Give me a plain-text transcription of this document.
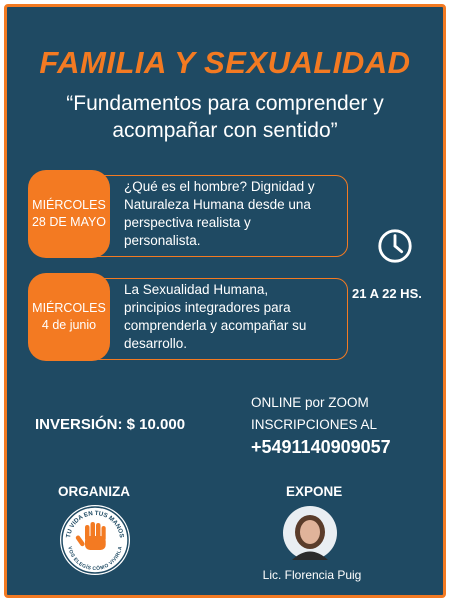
FAMILIA Y SEXUALIDAD
“Fundamentos para comprender y
acompañar con sentido”
MIÉRCOLES
28 DE MAYO
¿Qué es el hombre? Dignidad y
Naturaleza Humana desde una
perspectiva realista y
personalista.
MIÉRCOLES
4 de junio
La Sexualidad Humana,
principios integradores para
comprenderla y acompañar su
desarrollo.
21 A 22 HS.
ONLINE por ZOOM
INSCRIPCIONES AL
+5491140909057
INVERSIÓN: $ 10.000
ORGANIZA
TU VIDA EN TUS MANOS
VOS ELEGÍS CÓMO VIVIRLA
EXPONE
Lic. Florencia Puig
